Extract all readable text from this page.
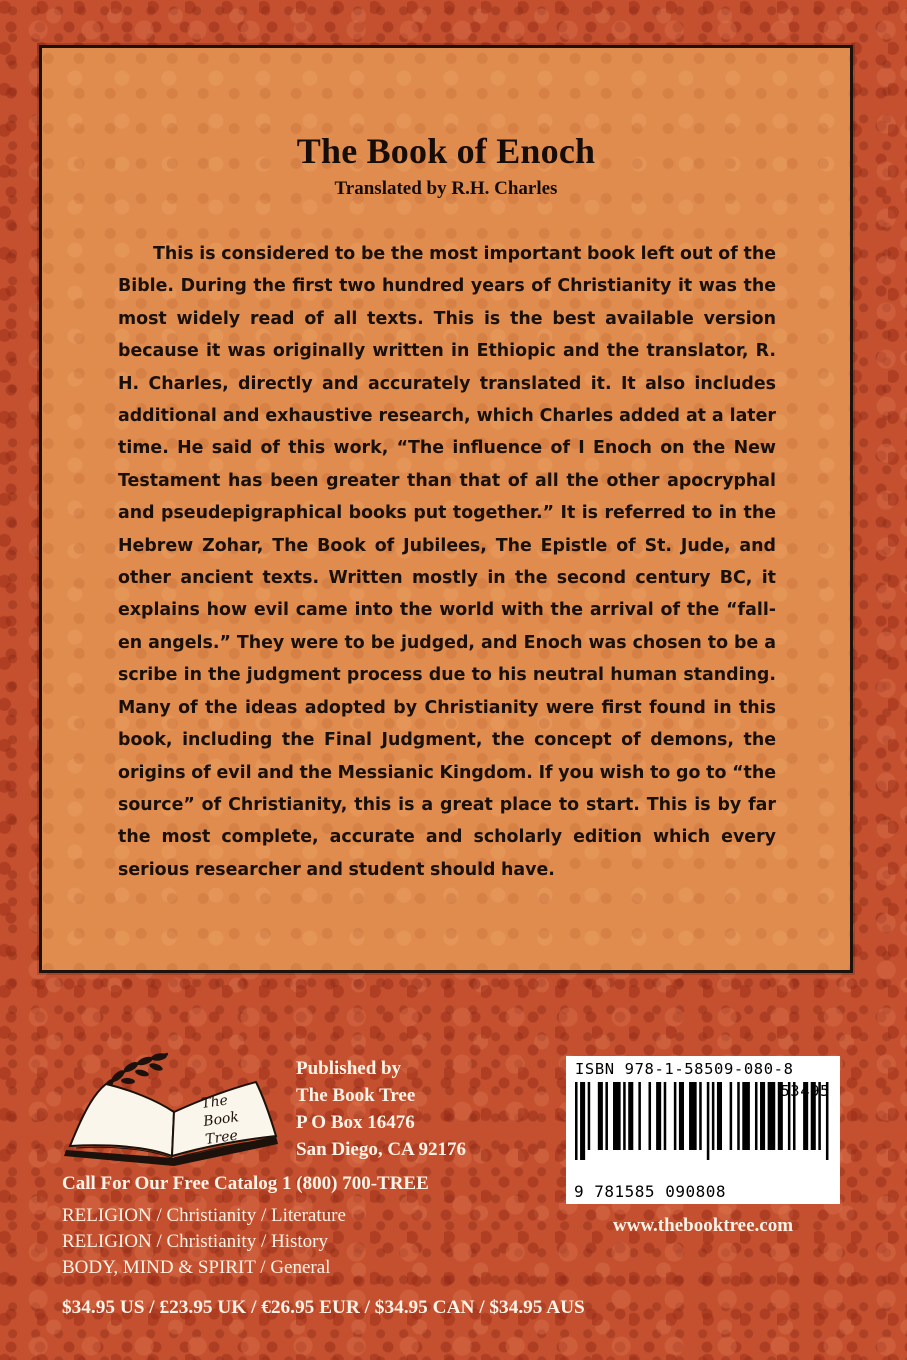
The Book of Enoch
Translated by R.H. Charles

This is considered to be the most important book left out of the Bible. During the first two hundred years of Christianity it was the most widely read of all texts. This is the best available version because it was originally written in Ethiopic and the translator, R. H. Charles, directly and accurately translated it. It also includes additional and exhaustive research, which Charles added at a later time. He said of this work, “The influence of I Enoch on the New Testament has been greater than that of all the other apocryphal and pseudepigraphical books put together.” It is referred to in the Hebrew Zohar, The Book of Jubilees, The Epistle of St. Jude, and other ancient texts. Written mostly in the second century BC, it explains how evil came into the world with the arrival of the “fallen angels.” They were to be judged, and Enoch was chosen to be a scribe in the judgment process due to his neutral human standing. Many of the ideas adopted by Christianity were first found in this book, including the Final Judgment, the concept of demons, the origins of evil and the Messianic Kingdom. If you wish to go to “the source” of Christianity, this is a great place to start. This is by far the most complete, accurate and scholarly edition which every serious researcher and student should have.

The
Book
Tree
Published by
The Book Tree
P O Box 16476
San Diego, CA 92176
Call For Our Free Catalog 1 (800) 700-TREE
RELIGION / Christianity / Literature
RELIGION / Christianity / History
BODY, MIND & SPIRIT / General
ISBN 978-1-58509-080-8
53495
9 781585 090808
www.thebooktree.com
$34.95 US / £23.95 UK / €26.95 EUR / $34.95 CAN / $34.95 AUS
